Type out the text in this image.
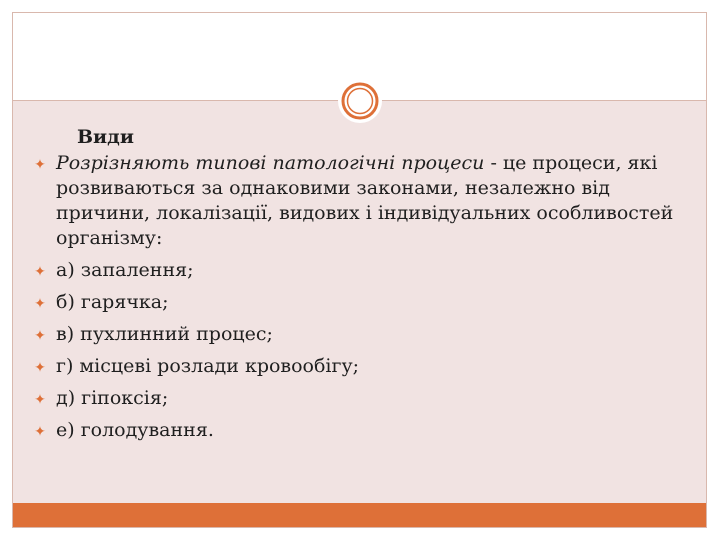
Види
✦ Розрізняють типові патологічні процеси - це процеси, які розвиваються за однаковими законами, незалежно від причини, локалізації, видових і індивідуальних особливостей організму:
✦ а) запалення;
✦ б) гарячка;
✦ в) пухлинний процес;
✦ г) місцеві розлади кровообігу;
✦ д) гіпоксія;
✦ е) голодування.
